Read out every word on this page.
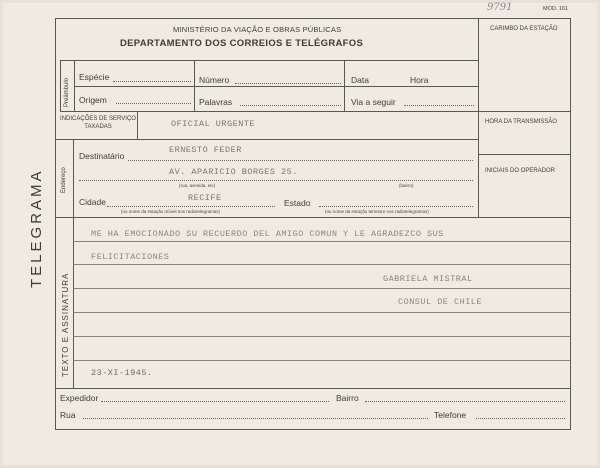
9791	MOD. 161
MINISTÉRIO DA VIAÇÃO E OBRAS PÚBLICAS
DEPARTAMENTO DOS CORREIOS E TELÉGRAFOS
CARIMBO DA ESTAÇÃO
TELEGRAMA
Preâmbulo
Espécie	Número	Data	Hora
Origem	Palavras	Via a seguir
HORA DA TRANSMISSÃO
INICIAIS DO OPERADOR
INDICAÇÕES DE SERVIÇO TAXADAS	OFICIAL URGENTE
Endereço
Destinatário
ERNESTO FEDER
AV. APARICIO BORGES 25.
(rua, avenida, etc)	(bairro)
Cidade	RECIFE	Estado
(ou nome da estação móvel nos radiotelegramas)	(ou nome da estação terrestre nos radiotelegramas)
TEXTO E ASSINATURA
ME HA EMOCIONADO SU RECUERDO DEL AMIGO COMUN Y LE AGRADEZCO SUS
FELICITACIONES
GABRIELA MISTRAL
CONSUL DE CHILE
23-XI-1945.
Expedidor	Bairro
Rua	Telefone
